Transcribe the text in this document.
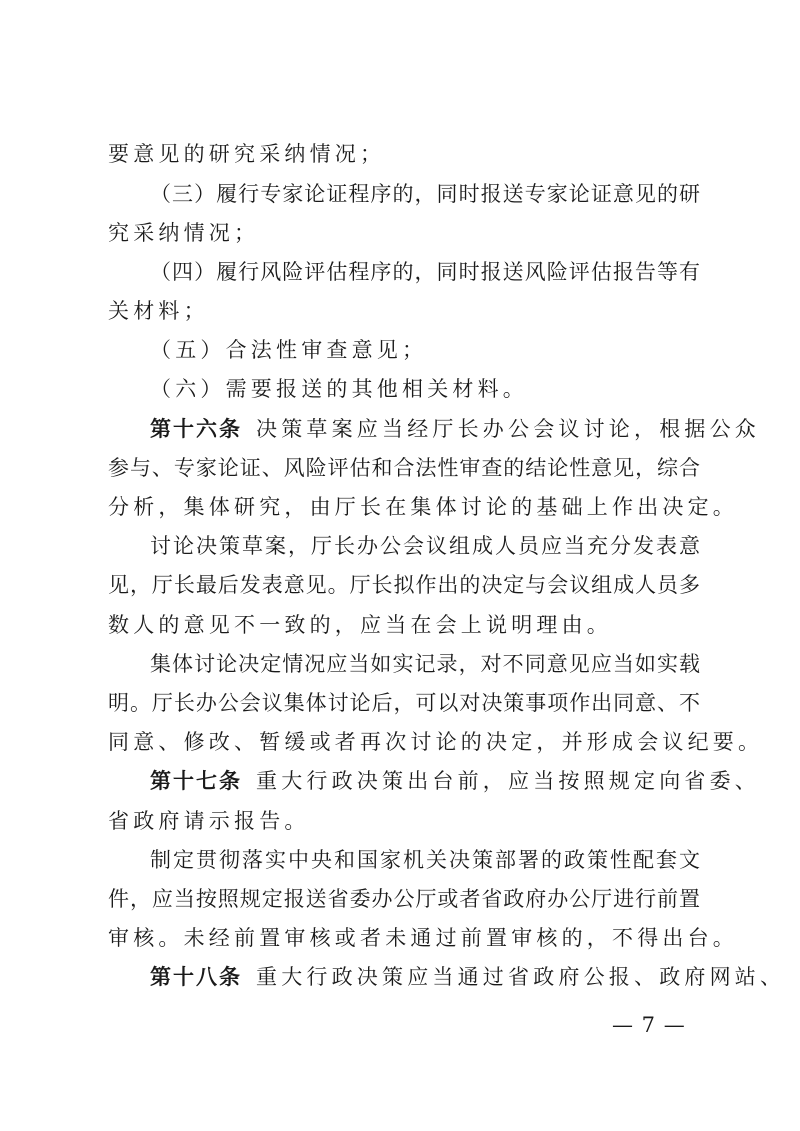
要意见的研究采纳情况；
（三）履行专家论证程序的，同时报送专家论证意见的研
究采纳情况；
（四）履行风险评估程序的，同时报送风险评估报告等有
关材料；
（五）合法性审查意见；
（六）需要报送的其他相关材料。
第十六条 决策草案应当经厅长办公会议讨论，根据公众
参与、专家论证、风险评估和合法性审查的结论性意见，综合
分析，集体研究，由厅长在集体讨论的基础上作出决定。
讨论决策草案，厅长办公会议组成人员应当充分发表意
见，厅长最后发表意见。厅长拟作出的决定与会议组成人员多
数人的意见不一致的，应当在会上说明理由。
集体讨论决定情况应当如实记录，对不同意见应当如实载
明。厅长办公会议集体讨论后，可以对决策事项作出同意、不
同意、修改、暂缓或者再次讨论的决定，并形成会议纪要。
第十七条 重大行政决策出台前，应当按照规定向省委、
省政府请示报告。
制定贯彻落实中央和国家机关决策部署的政策性配套文
件，应当按照规定报送省委办公厅或者省政府办公厅进行前置
审核。未经前置审核或者未通过前置审核的，不得出台。
第十八条 重大行政决策应当通过省政府公报、政府网站、
— 7 —
